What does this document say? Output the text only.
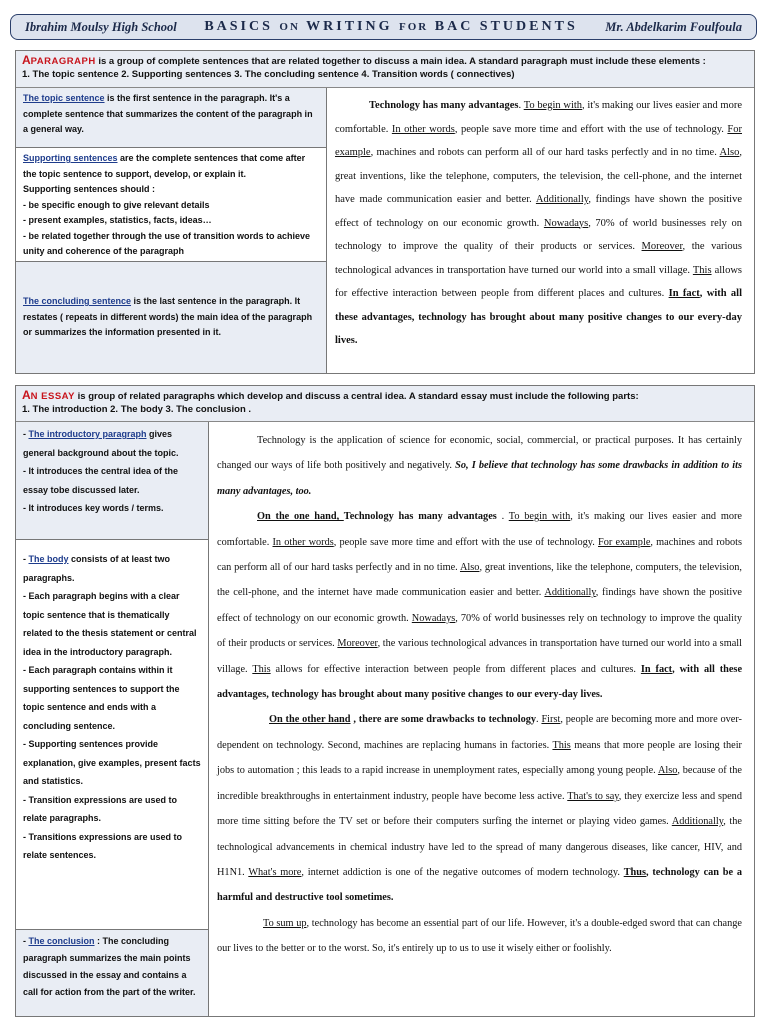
Ibrahim Moulsy High School BASICS ON WRITING FOR BAC STUDENTS Mr. Abdelkarim Foulfoula
APARAGRAPH is a group of complete sentences that are related together to discuss a main idea. A standard paragraph must include these elements :
1. The topic sentence 2. Supporting sentences 3. The concluding sentence 4. Transition words ( connectives)
The topic sentence is the first sentence in the paragraph. It's a complete sentence that summarizes the content of the paragraph in a general way.
Supporting sentences are the complete sentences that come after the topic sentence to support, develop, or explain it.
Supporting sentences should :
- be specific enough to give relevant details
- present examples, statistics, facts, ideas…
- be related together through the use of transition words to achieve unity and coherence of the paragraph
The concluding sentence is the last sentence in the paragraph. It restates ( repeats in different words) the main idea of the paragraph or summarizes the information presented in it.
Technology has many advantages. To begin with, it's making our lives easier and more comfortable. In other words, people save more time and effort with the use of technology. For example, machines and robots can perform all of our hard tasks perfectly and in no time. Also, great inventions, like the telephone, computers, the television, the cell-phone, and the internet have made communication easier and better. Additionally, findings have shown the positive effect of technology on our economic growth. Nowadays, 70% of world businesses rely on technology to improve the quality of their products or services. Moreover, the various technological advances in transportation have turned our world into a small village. This allows for effective interaction between people from different places and cultures. In fact, with all these advantages, technology has brought about many positive changes to our every-day lives.
AN ESSAY is group of related paragraphs which develop and discuss a central idea. A standard essay must include the following parts:
1. The introduction 2. The body 3. The conclusion .
- The introductory paragraph gives general background about the topic.
- It introduces the central idea of the essay tobe discussed later.
- It introduces key words / terms.
- The body consists of at least two paragraphs.
- Each paragraph begins with a clear topic sentence that is thematically related to the thesis statement or central idea in the introductory paragraph.
- Each paragraph contains within it supporting sentences to support the topic sentence and ends with a concluding sentence.
- Supporting sentences provide explanation, give examples, present facts and statistics.
- Transition expressions are used to relate paragraphs.
- Transitions expressions are used to relate sentences.
- The conclusion : The concluding paragraph summarizes the main points discussed in the essay and contains a call for action from the part of the writer.

Technology is the application of science for economic, social, commercial, or practical purposes. It has certainly changed our ways of life both positively and negatively. So, I believe that technology has some drawbacks in addition to its many advantages, too.

On the one hand, Technology has many advantages . To begin with, it's making our lives easier and more comfortable. In other words, people save more time and effort with the use of technology. For example, machines and robots can perform all of our hard tasks perfectly and in no time. Also, great inventions, like the telephone, computers, the television, the cell-phone, and the internet have made communication easier and better. Additionally, findings have shown the positive effect of technology on our economic growth. Nowadays, 70% of world businesses rely on technology to improve the quality of their products or services. Moreover, the various technological advances in transportation have turned our world into a small village. This allows for effective interaction between people from different places and cultures. In fact, with all these advantages, technology has brought about many positive changes to our every-day lives.

On the other hand , there are some drawbacks to technology. First, people are becoming more and more over-dependent on technology. Second, machines are replacing humans in factories. This means that more people are losing their jobs to automation ; this leads to a rapid increase in unemployment rates, especially among young people. Also, because of the incredible breakthroughs in entertainment industry, people have become less active. That's to say, they exercize less and spend more time sitting before the TV set or before their computers surfing the internet or playing video games. Additionally, the technological advancements in chemical industry have led to the spread of many dangerous diseases, like cancer, HIV, and H1N1. What's more, internet addiction is one of the negative outcomes of modern technology. Thus, technology can be a harmful and destructive tool sometimes.

To sum up, technology has become an essential part of our life. However, it's a double-edged sword that can change our lives to the better or to the worst. So, it's entirely up to us to use it wisely either or foolishly.
